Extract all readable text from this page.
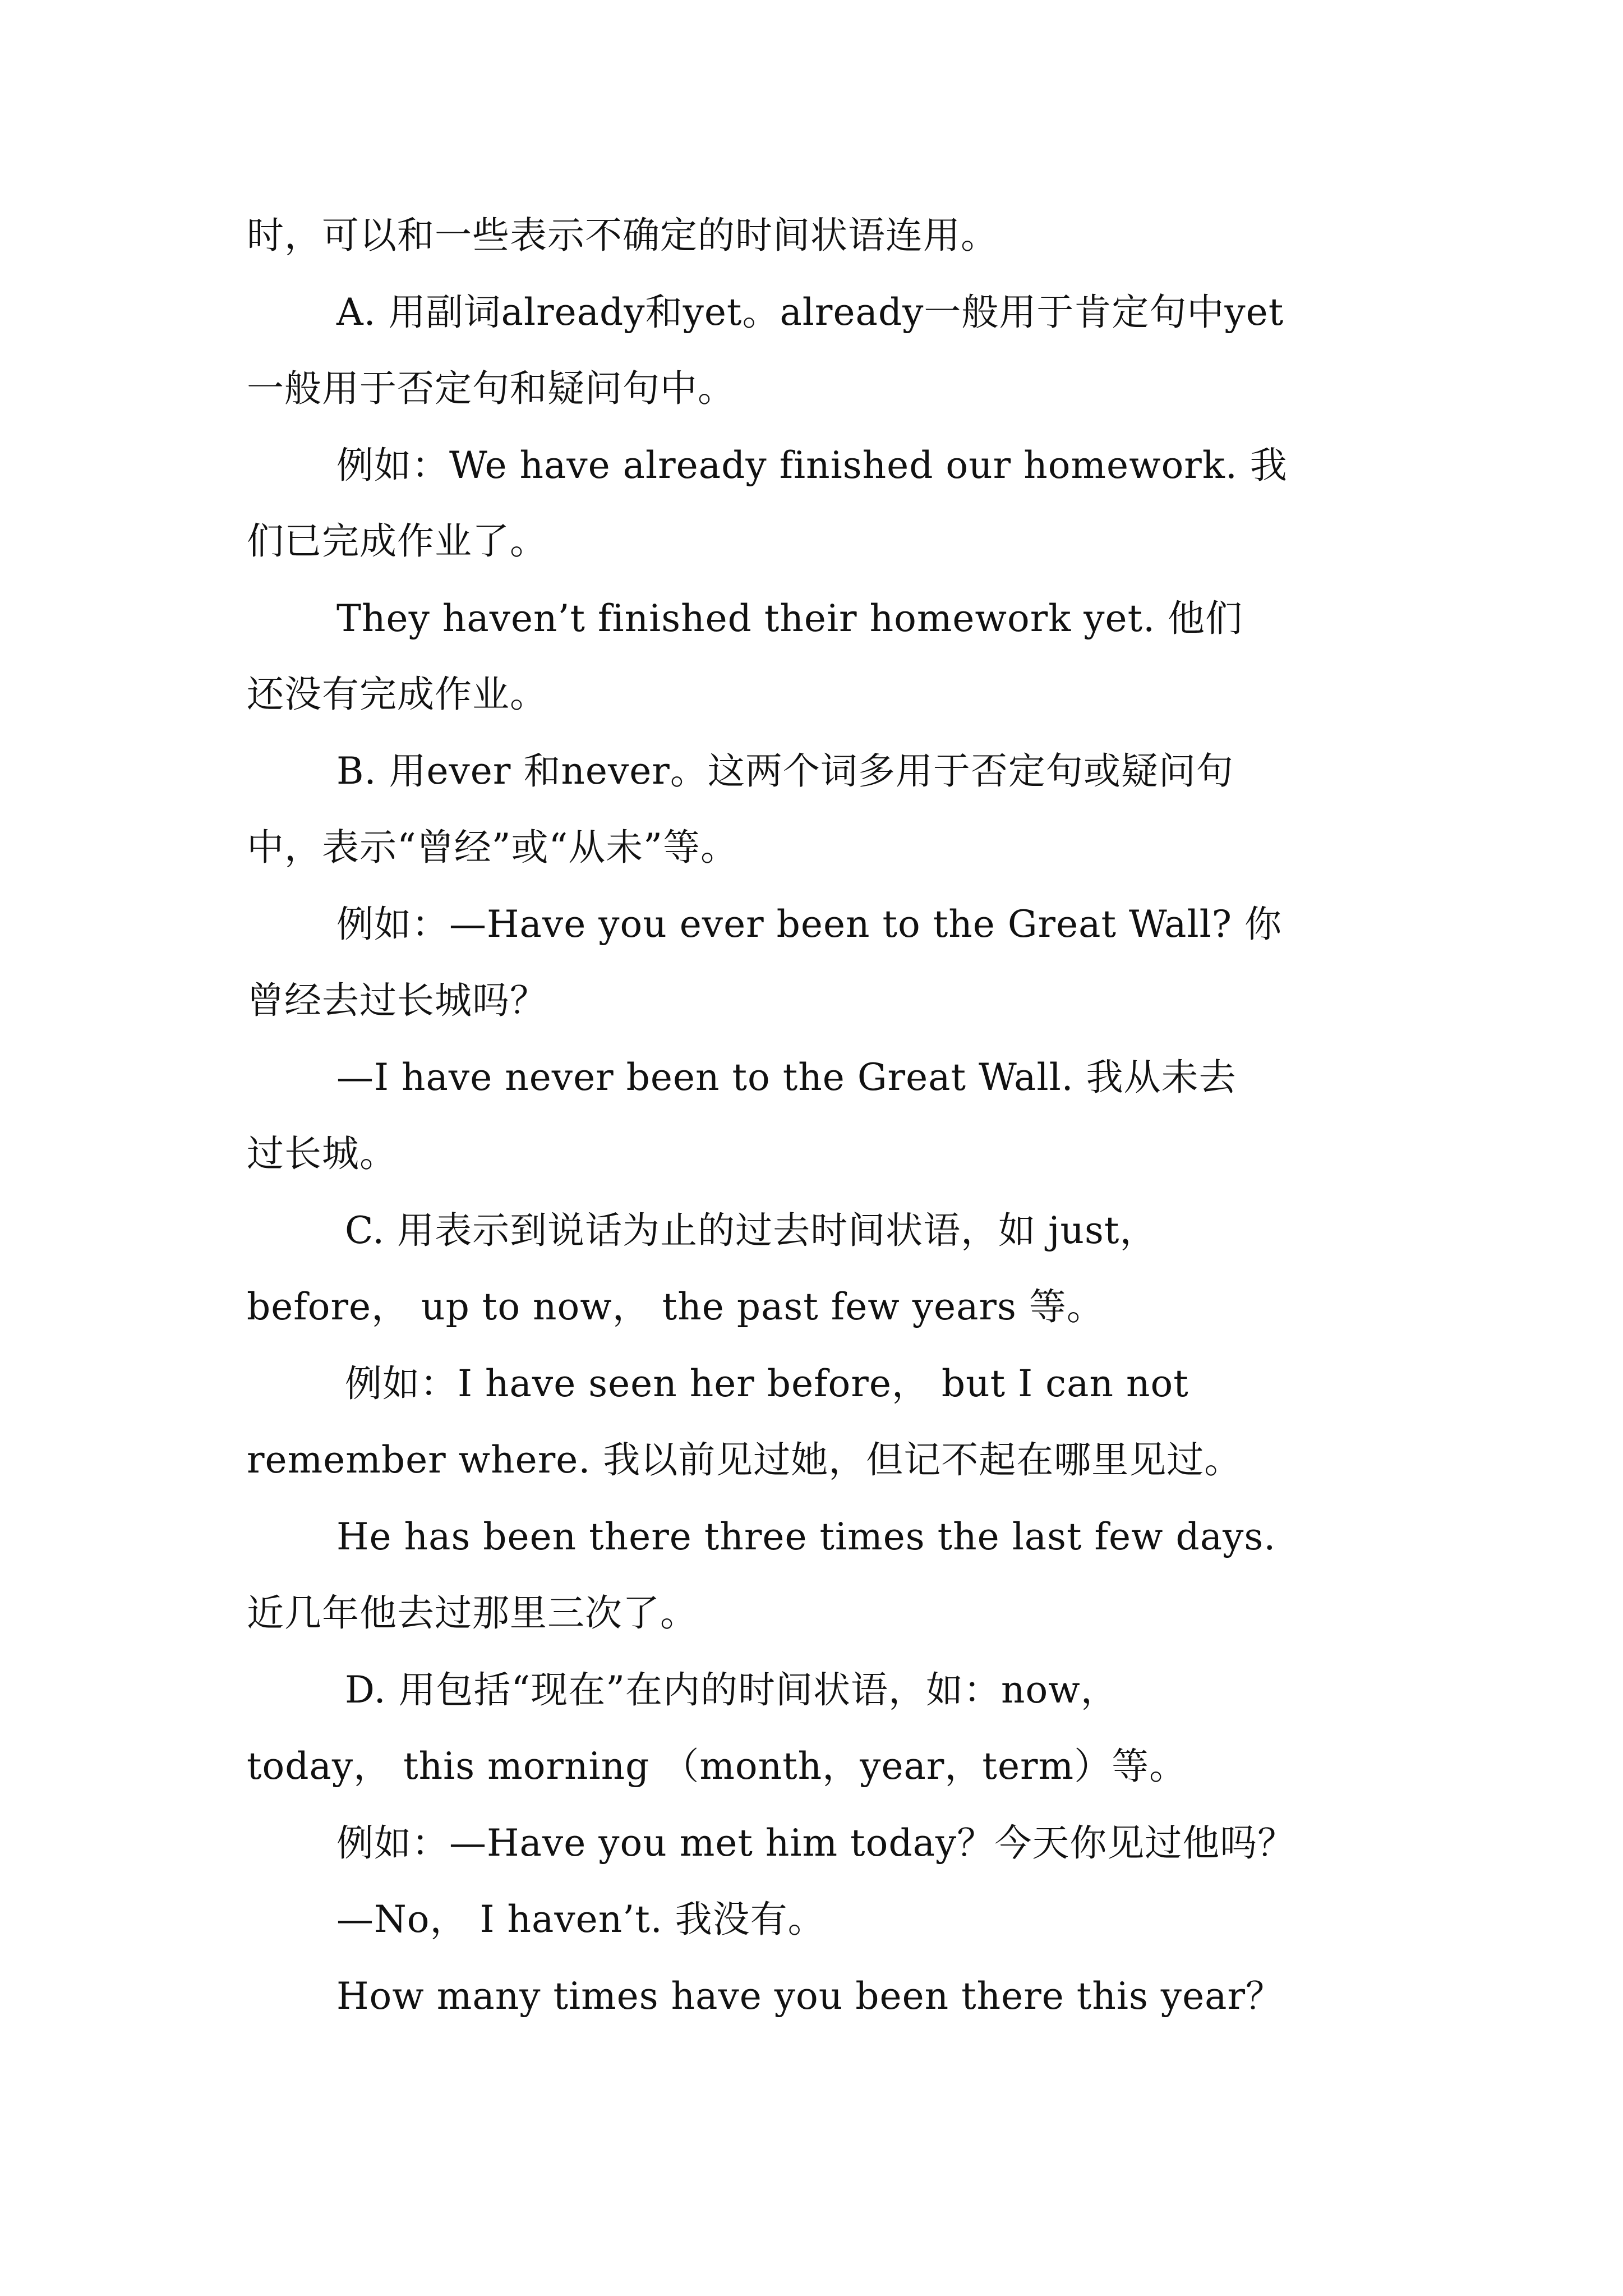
时，可以和一些表示不确定的时间状语连用。
A. 用副词already和yet。already一般用于肯定句中yet
一般用于否定句和疑问句中。
例如：We have already finished our homework. 我
们已完成作业了。
They haven’t finished their homework yet. 他们
还没有完成作业。
B. 用ever 和never。这两个词多用于否定句或疑问句
中，表示“曾经”或“从未”等。
例如：—Have you ever been to the Great Wall? 你
曾经去过长城吗？
—I have never been to the Great Wall. 我从未去
过长城。
C. 用表示到说话为止的过去时间状语，如 just，
before， up to now， the past few years 等。
例如：I have seen her before， but I can not
remember where. 我以前见过她，但记不起在哪里见过。
He has been there three times the last few days.
近几年他去过那里三次了。
D. 用包括“现在”在内的时间状语，如：now，
today， this morning （month，year，term）等。
例如：—Have you met him today？今天你见过他吗？
—No， I haven’t. 我没有。
How many times have you been there this year？
